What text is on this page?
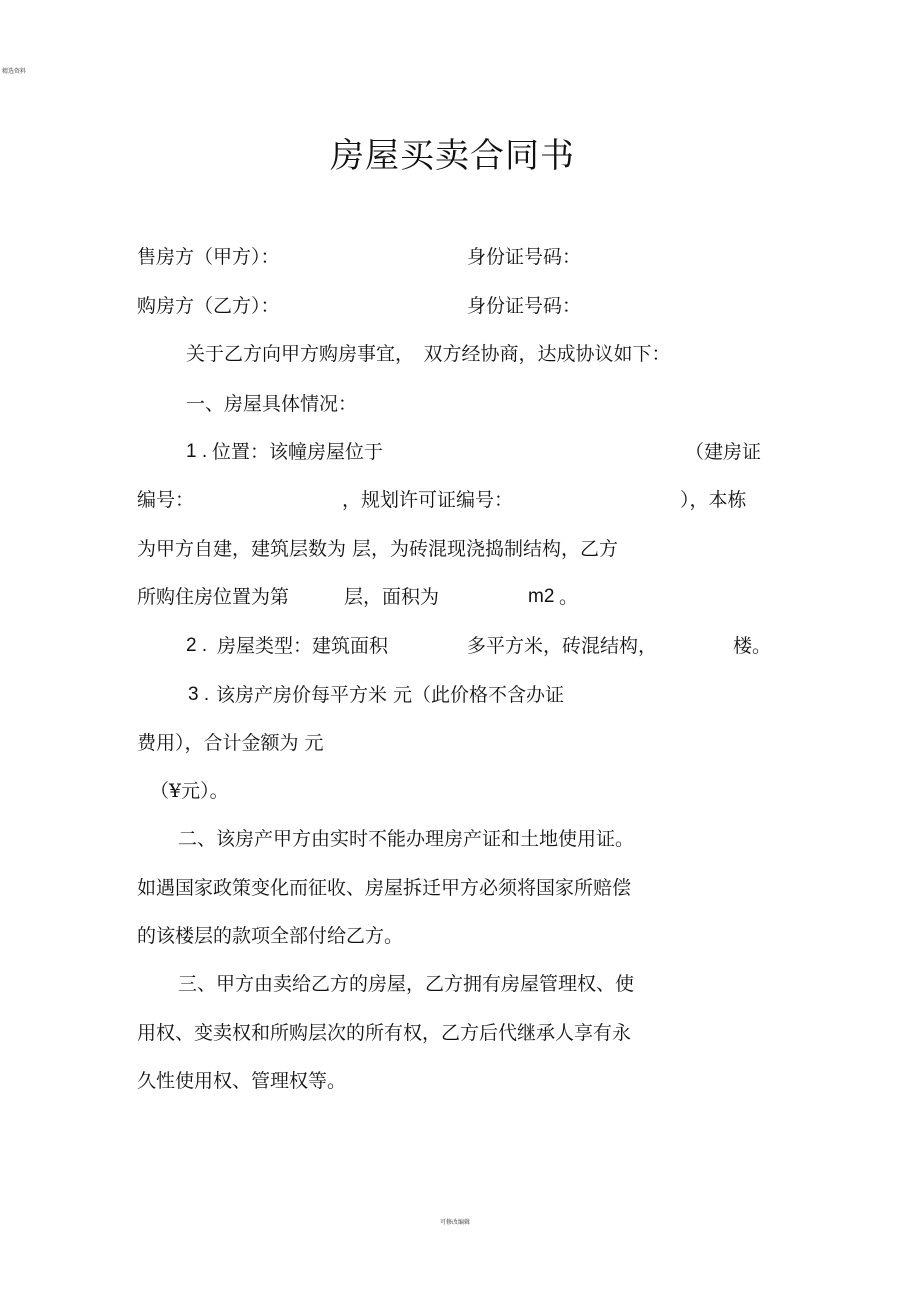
精选资料
房屋买卖合同书
售房方（甲方）：	身份证号码：
购房方（乙方）：	身份证号码：
关于乙方向甲方购房事宜，　双方经协商，达成协议如下：
一、房屋具体情况：
1 . 位置：该幢房屋位于	（建房证
编号：	，规划许可证编号：	），本栋
为甲方自建，建筑层数为 层，为砖混现浇捣制结构，乙方
所购住房位置为第	层，面积为	m2 。
2 . 房屋类型：建筑面积	多平方米，砖混结构，	楼。
3 . 该房产房价每平方米 元（此价格不含办证
费用），合计金额为 元
（¥元）。
二、该房产甲方由实时不能办理房产证和土地使用证。
如遇国家政策变化而征收、房屋拆迁甲方必须将国家所赔偿
的该楼层的款项全部付给乙方。
三、甲方由卖给乙方的房屋，乙方拥有房屋管理权、使
用权、变卖权和所购层次的所有权，乙方后代继承人享有永
久性使用权、管理权等。
可修改编辑
